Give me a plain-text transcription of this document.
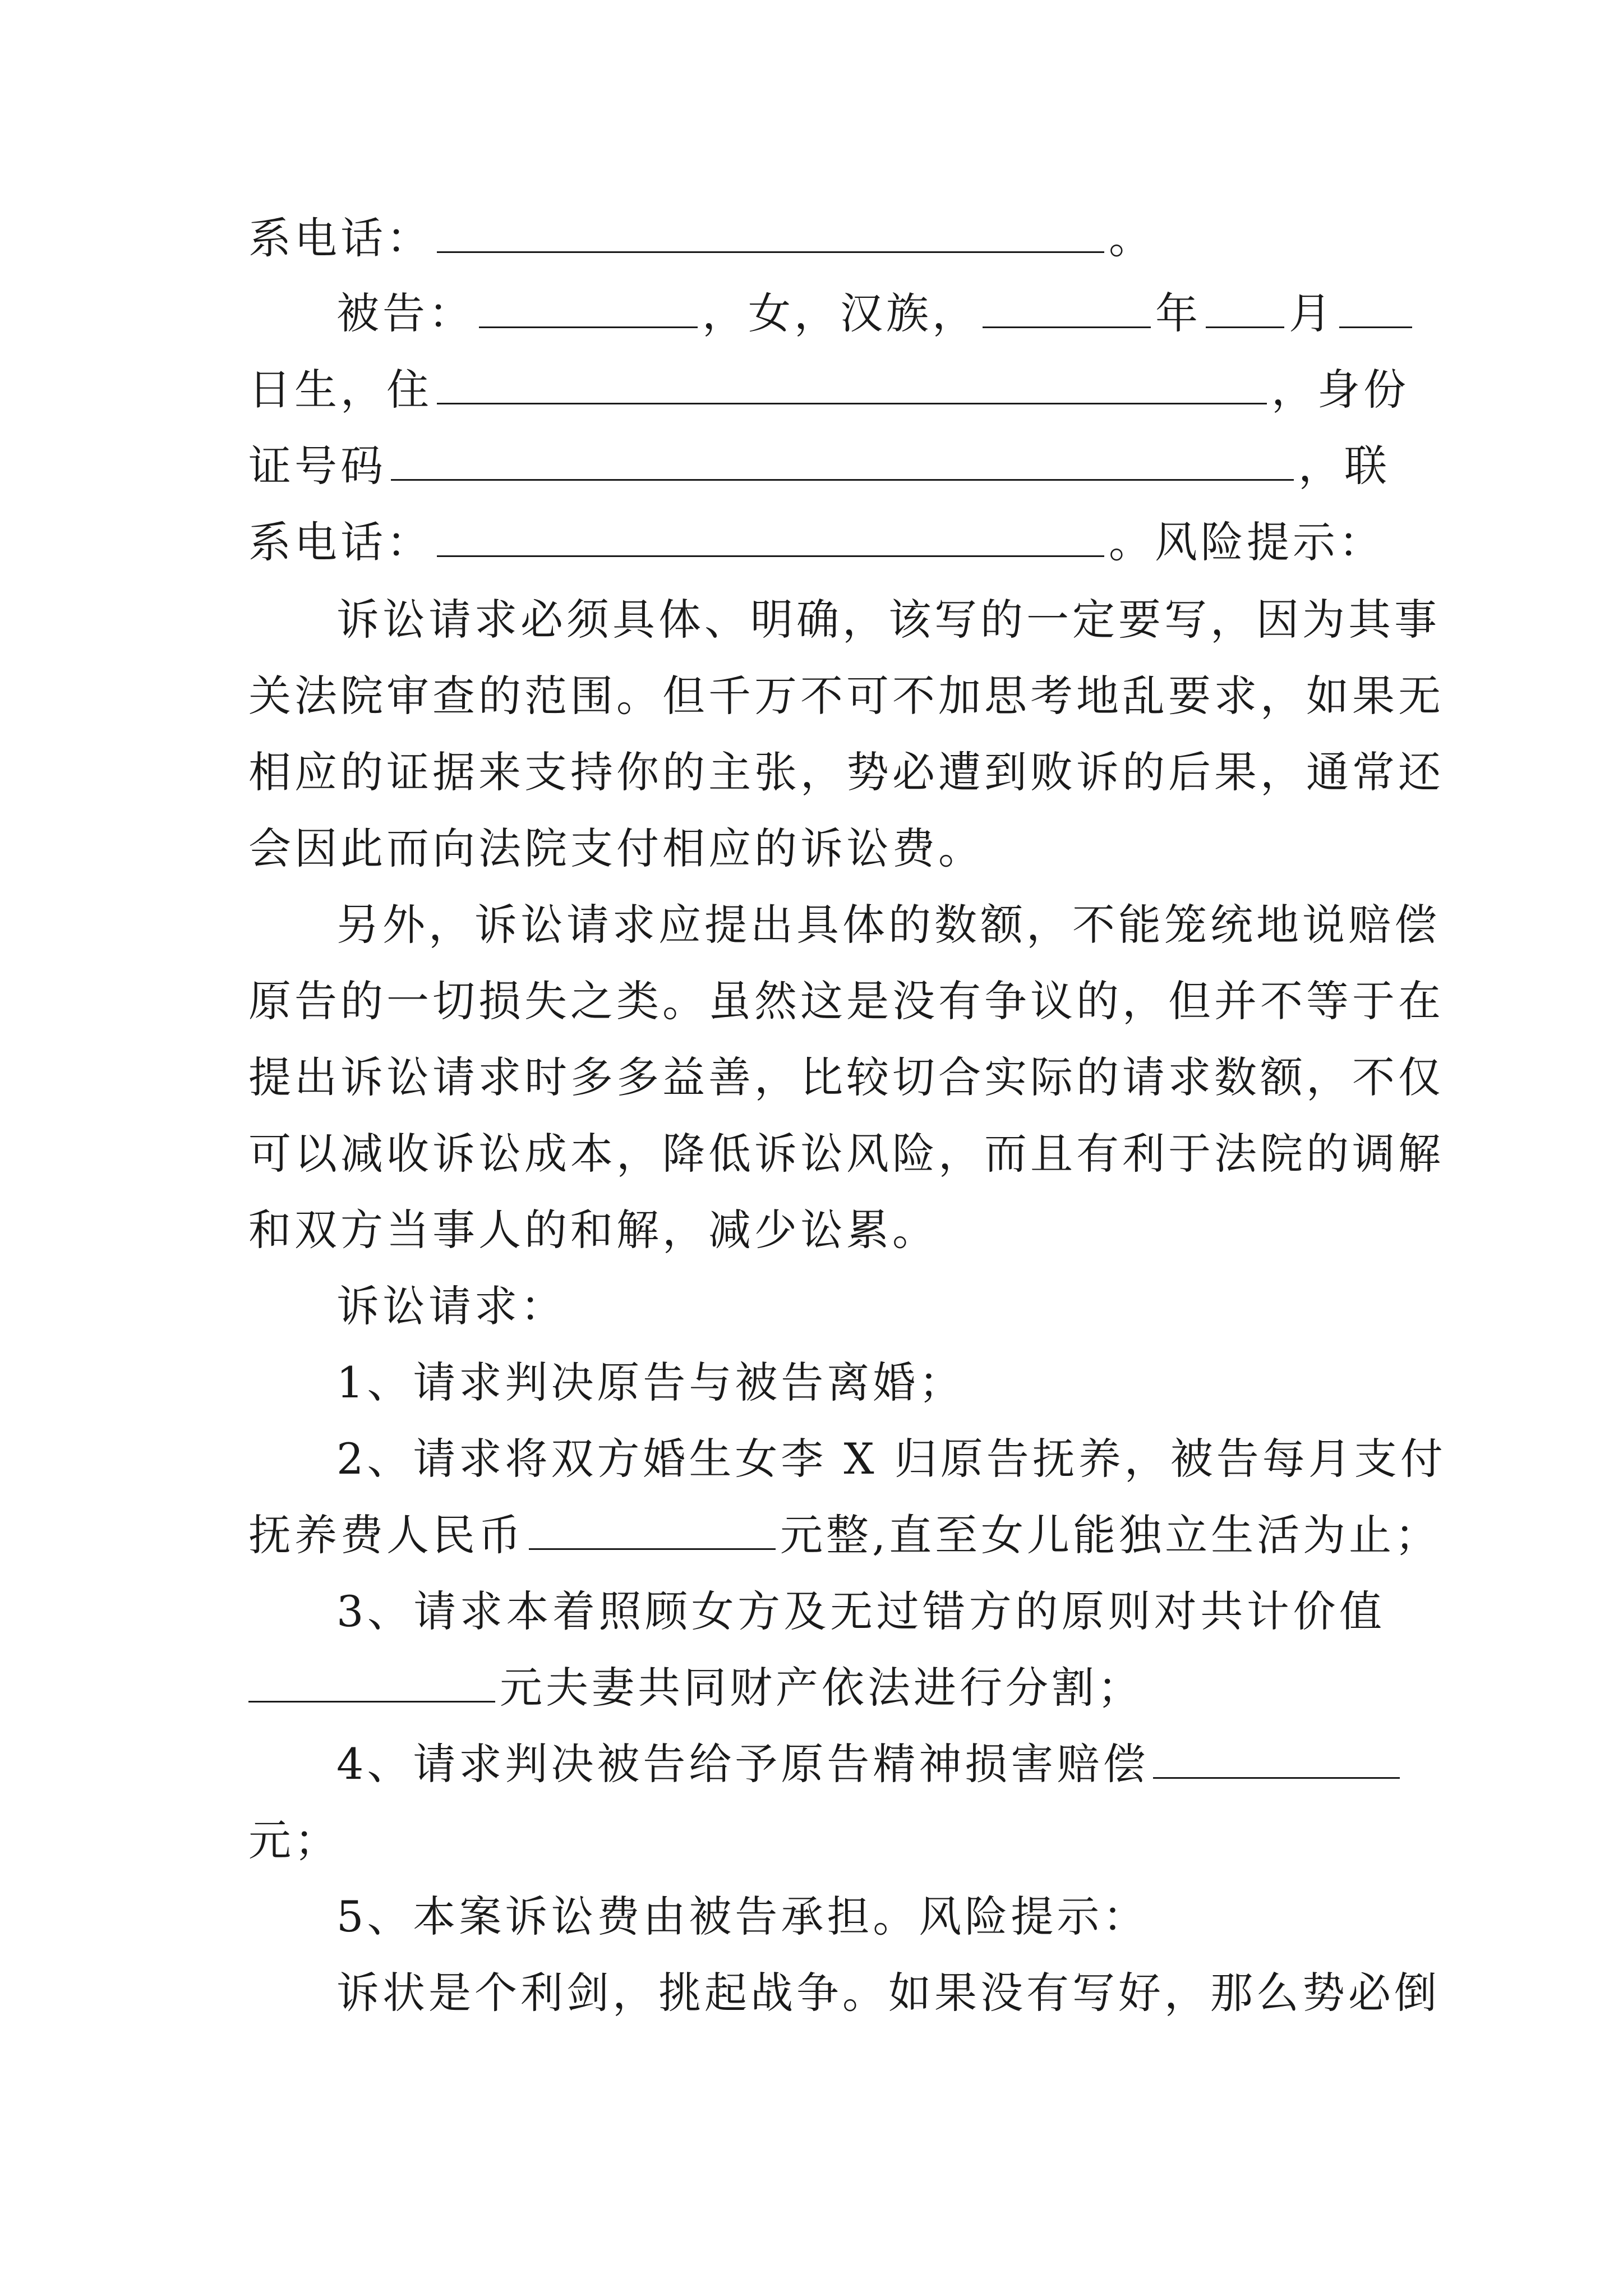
系电话：	。
被告：	，女，汉族，	年 月
日生，住	，身份
证号码	，联
系电话：	。风险提示：
诉讼请求必须具体、明确，该写的一定要写，因为其事
关法院审查的范围。但千万不可不加思考地乱要求，如果无
相应的证据来支持你的主张，势必遭到败诉的后果，通常还
会因此而向法院支付相应的诉讼费。
另外，诉讼请求应提出具体的数额，不能笼统地说赔偿
原告的一切损失之类。虽然这是没有争议的，但并不等于在
提出诉讼请求时多多益善，比较切合实际的请求数额，不仅
可以减收诉讼成本，降低诉讼风险，而且有利于法院的调解
和双方当事人的和解，减少讼累。
诉讼请求：
1、请求判决原告与被告离婚；
2、请求将双方婚生女李 X 归原告抚养，被告每月支付
抚养费人民币	元整,直至女儿能独立生活为止；
3、请求本着照顾女方及无过错方的原则对共计价值
元夫妻共同财产依法进行分割；
4、请求判决被告给予原告精神损害赔偿
元；
5、本案诉讼费由被告承担。风险提示：
诉状是个利剑，挑起战争。如果没有写好，那么势必倒
